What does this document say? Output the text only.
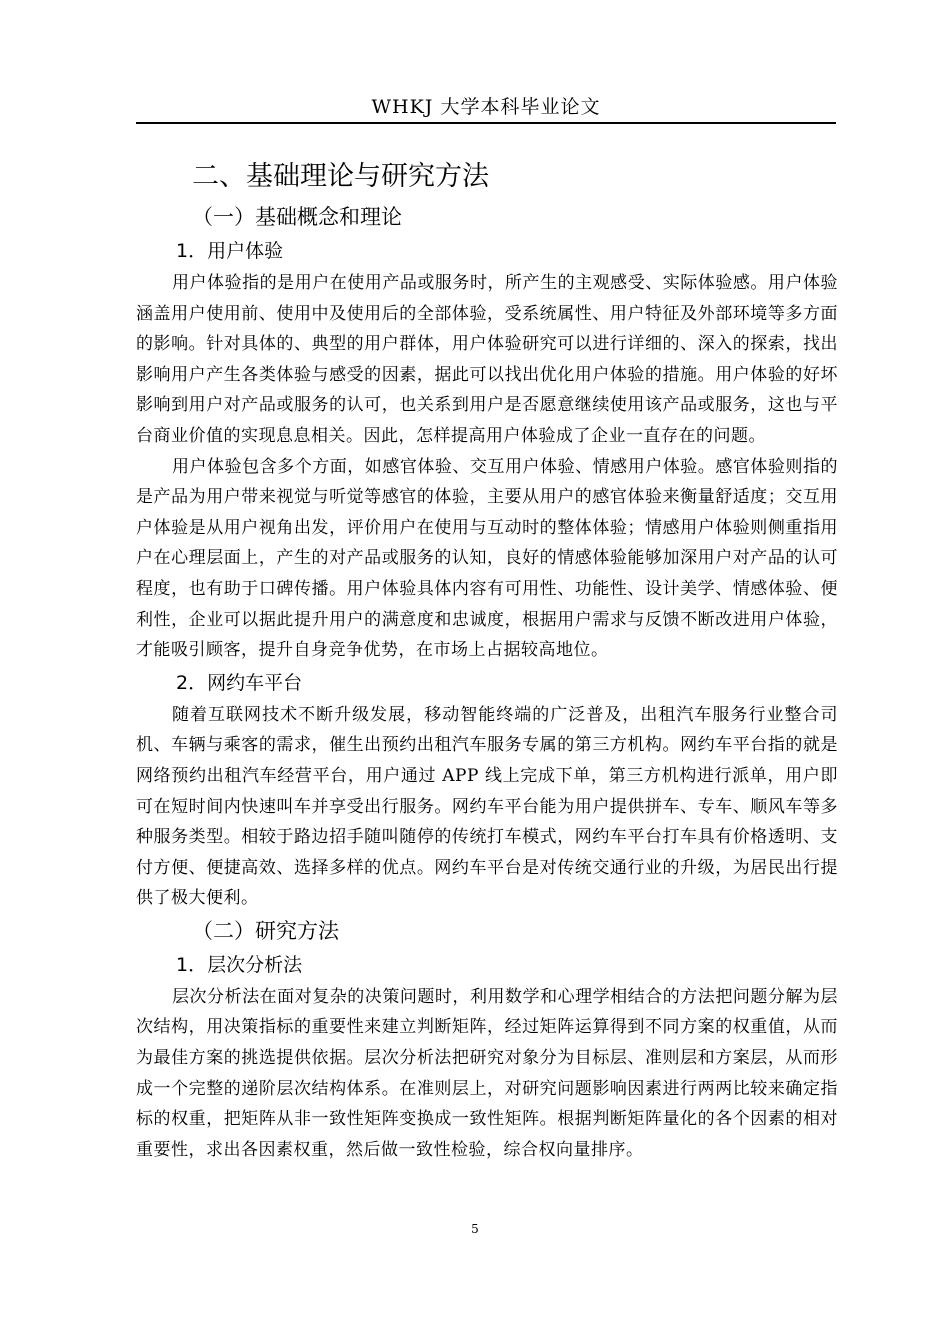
WHKJ 大学本科毕业论文
二、基础理论与研究方法
（一）基础概念和理论
1．用户体验

用户体验指的是用户在使用产品或服务时，所产生的主观感受、实际体验感。用户体验涵盖用户使用前、使用中及使用后的全部体验，受系统属性、用户特征及外部环境等多方面的影响。针对具体的、典型的用户群体，用户体验研究可以进行详细的、深入的探索，找出影响用户产生各类体验与感受的因素，据此可以找出优化用户体验的措施。用户体验的好坏影响到用户对产品或服务的认可，也关系到用户是否愿意继续使用该产品或服务，这也与平台商业价值的实现息息相关。因此，怎样提高用户体验成了企业一直存在的问题。

用户体验包含多个方面，如感官体验、交互用户体验、情感用户体验。感官体验则指的是产品为用户带来视觉与听觉等感官的体验，主要从用户的感官体验来衡量舒适度；交互用户体验是从用户视角出发，评价用户在使用与互动时的整体体验；情感用户体验则侧重指用户在心理层面上，产生的对产品或服务的认知，良好的情感体验能够加深用户对产品的认可程度，也有助于口碑传播。用户体验具体内容有可用性、功能性、设计美学、情感体验、便利性，企业可以据此提升用户的满意度和忠诚度，根据用户需求与反馈不断改进用户体验，才能吸引顾客，提升自身竞争优势，在市场上占据较高地位。

2．网约车平台

随着互联网技术不断升级发展，移动智能终端的广泛普及，出租汽车服务行业整合司机、车辆与乘客的需求，催生出预约出租汽车服务专属的第三方机构。网约车平台指的就是网络预约出租汽车经营平台，用户通过 APP 线上完成下单，第三方机构进行派单，用户即可在短时间内快速叫车并享受出行服务。网约车平台能为用户提供拼车、专车、顺风车等多种服务类型。相较于路边招手随叫随停的传统打车模式，网约车平台打车具有价格透明、支付方便、便捷高效、选择多样的优点。网约车平台是对传统交通行业的升级，为居民出行提供了极大便利。

（二）研究方法
1．层次分析法

层次分析法在面对复杂的决策问题时，利用数学和心理学相结合的方法把问题分解为层次结构，用决策指标的重要性来建立判断矩阵，经过矩阵运算得到不同方案的权重值，从而为最佳方案的挑选提供依据。层次分析法把研究对象分为目标层、准则层和方案层，从而形成一个完整的递阶层次结构体系。在准则层上，对研究问题影响因素进行两两比较来确定指标的权重，把矩阵从非一致性矩阵变换成一致性矩阵。根据判断矩阵量化的各个因素的相对重要性，求出各因素权重，然后做一致性检验，综合权向量排序。

5
